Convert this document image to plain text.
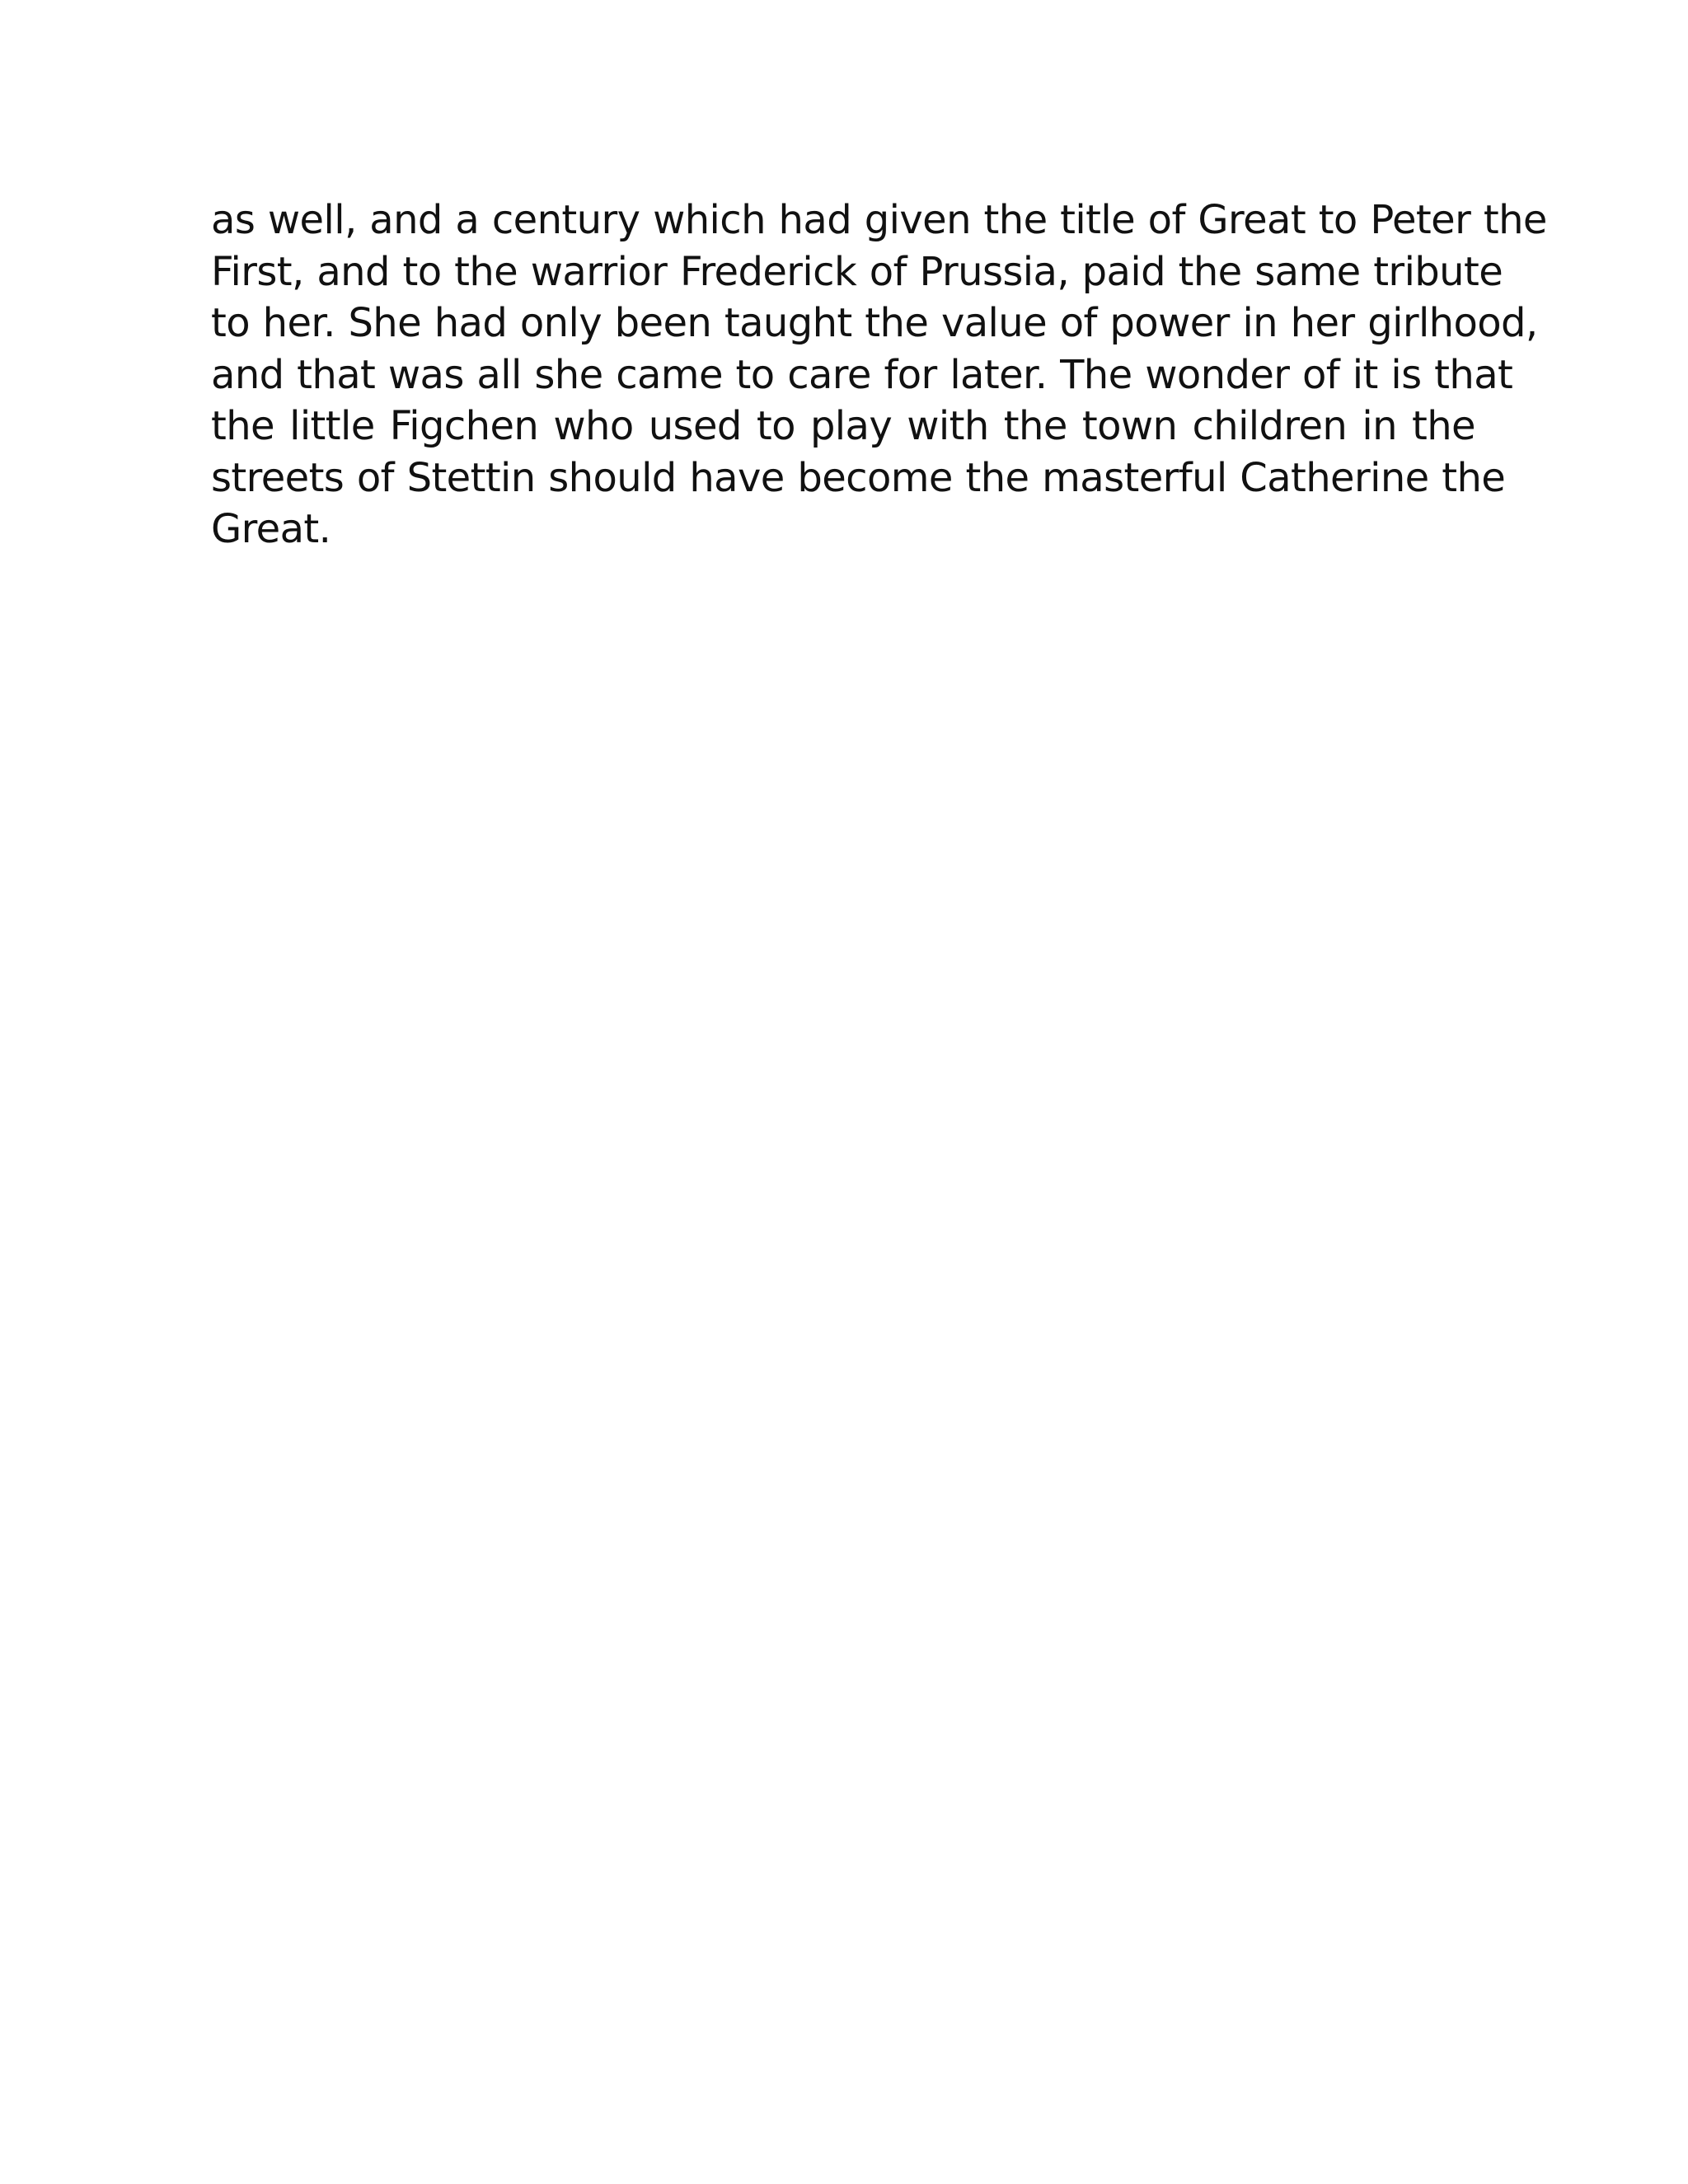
as well, and a century which had given the title of Great to Peter the
First, and to the warrior Frederick of Prussia, paid the same tribute
to her. She had only been taught the value of power in her girlhood,
and that was all she came to care for later. The wonder of it is that
the little Figchen who used to play with the town children in the
streets of Stettin should have become the masterful Catherine the
Great.
